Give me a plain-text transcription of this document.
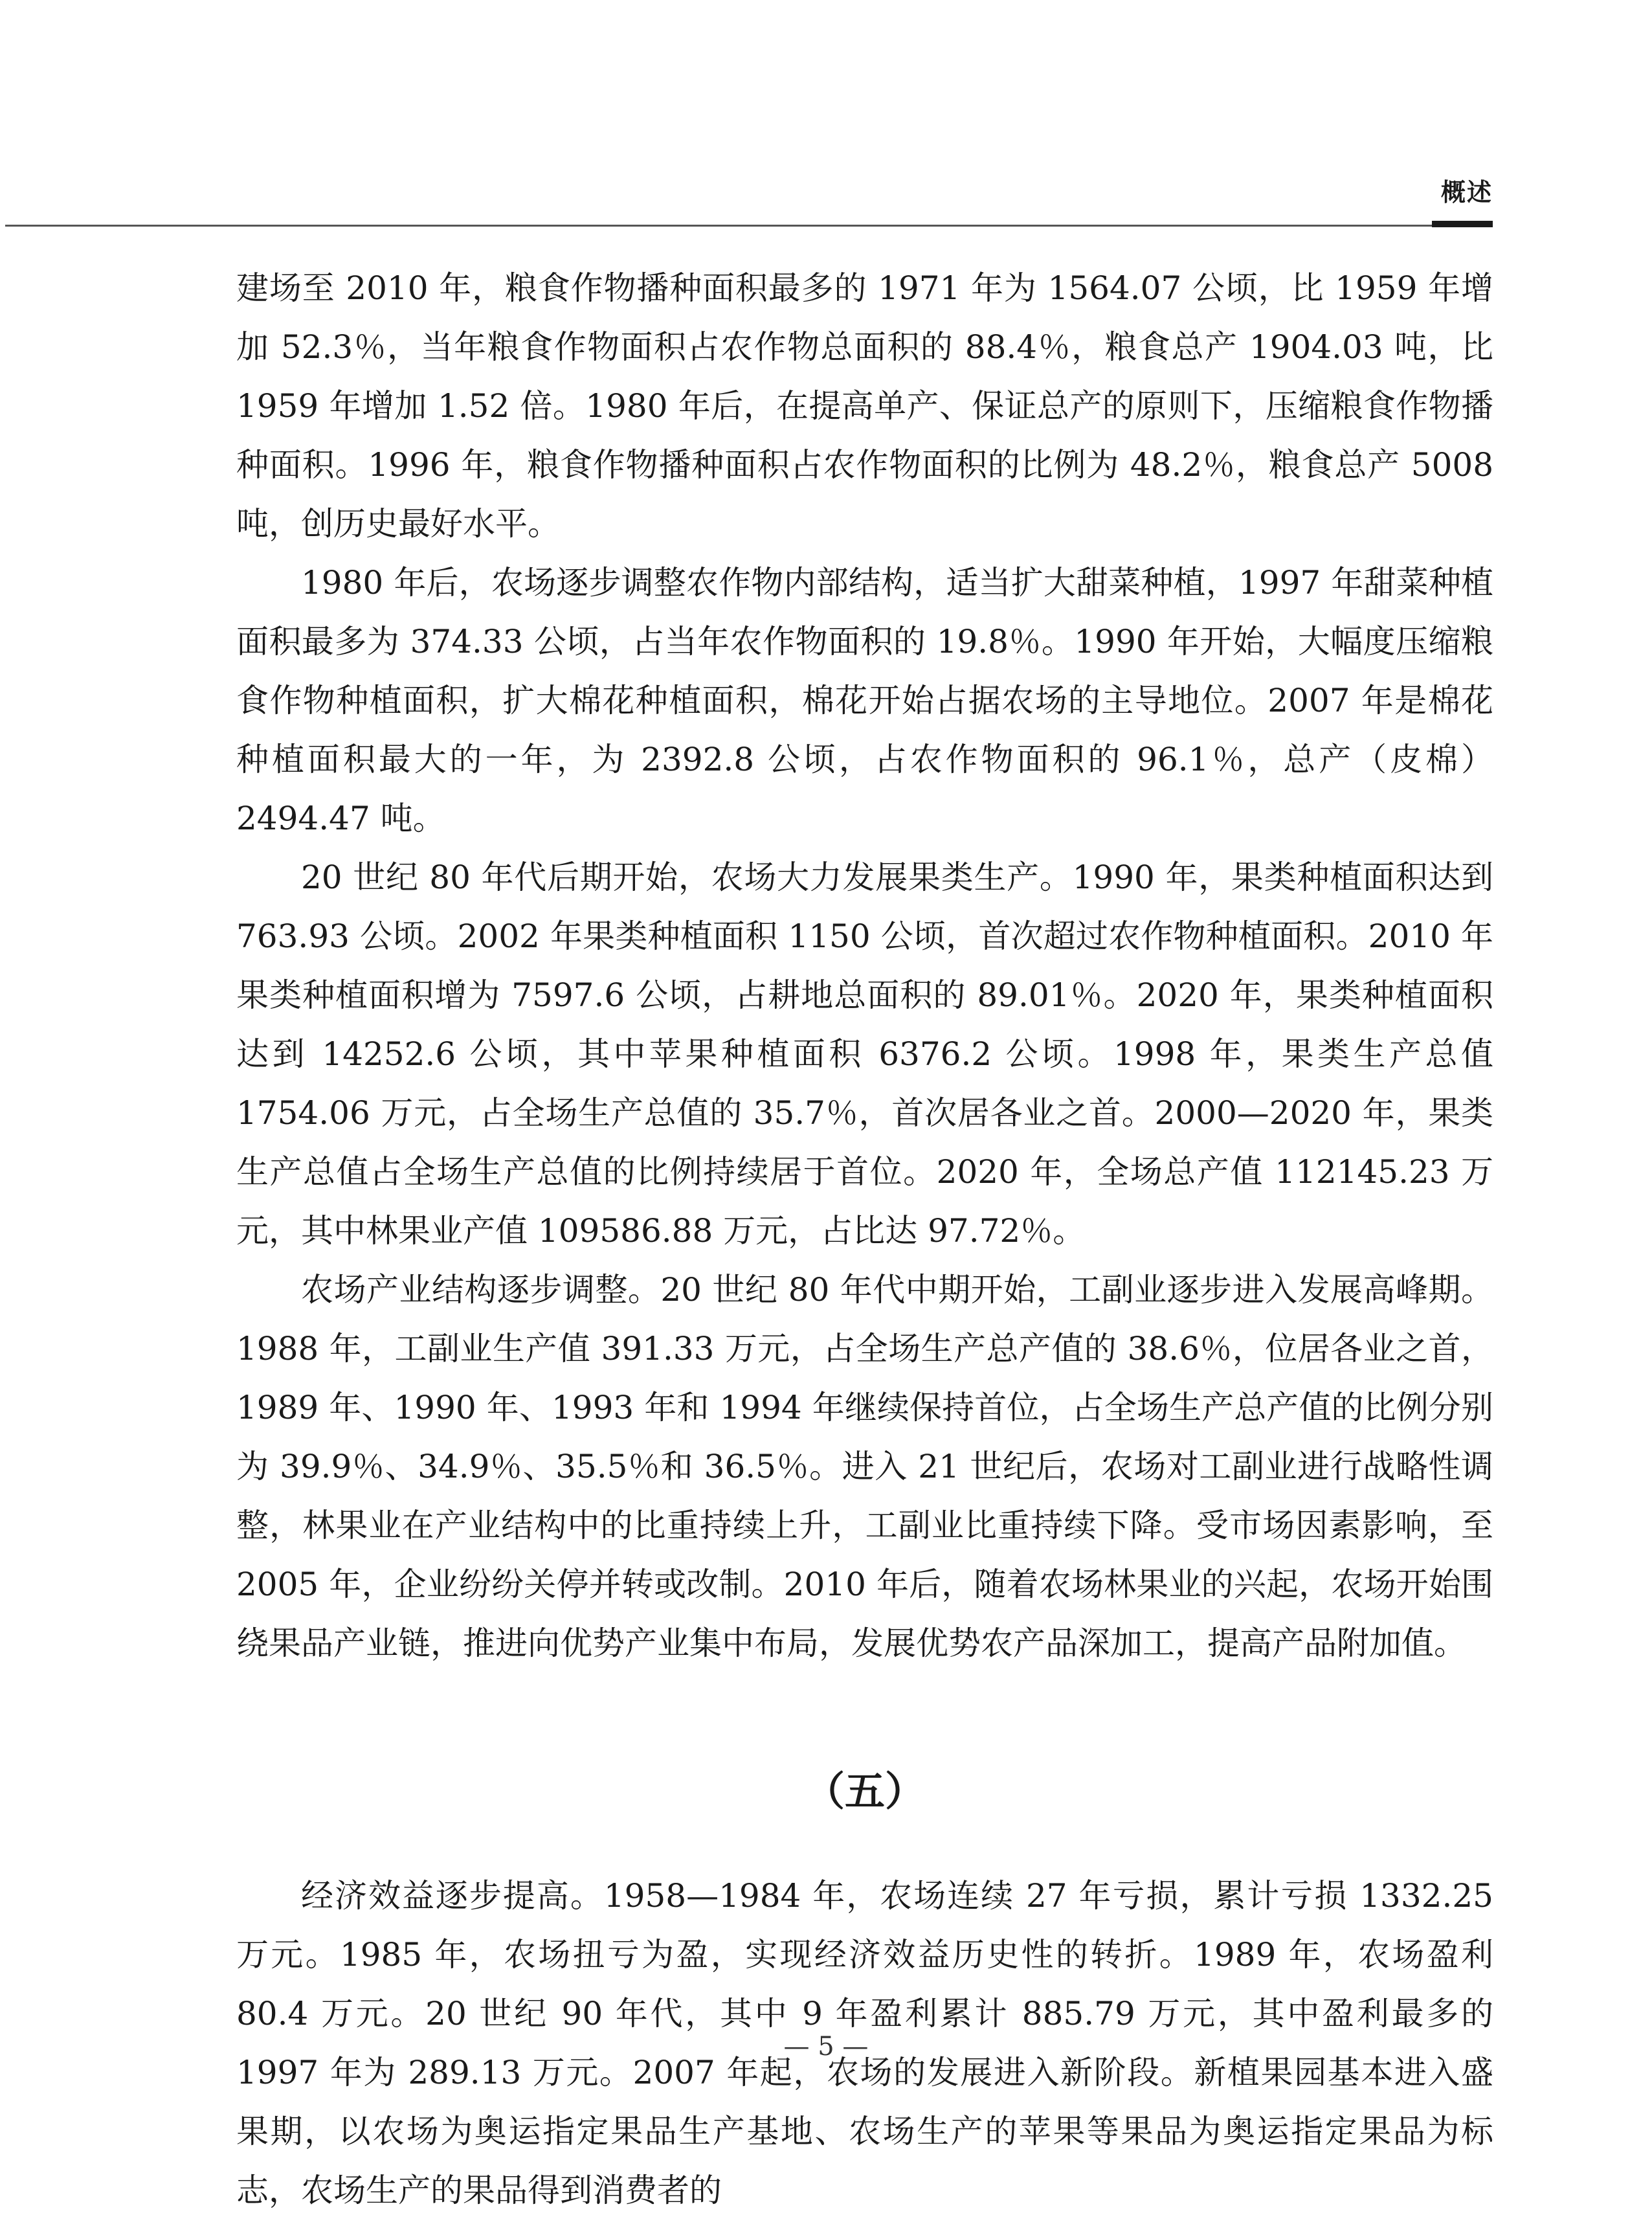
概述

建场至 2010 年，粮食作物播种面积最多的 1971 年为 1564.07 公顷，比 1959 年增加 52.3％，当年粮食作物面积占农作物总面积的 88.4％，粮食总产 1904.03 吨，比 1959 年增加 1.52 倍。1980 年后，在提高单产、保证总产的原则下，压缩粮食作物播种面积。1996 年，粮食作物播种面积占农作物面积的比例为 48.2％，粮食总产 5008 吨，创历史最好水平。

1980 年后，农场逐步调整农作物内部结构，适当扩大甜菜种植，1997 年甜菜种植面积最多为 374.33 公顷，占当年农作物面积的 19.8％。1990 年开始，大幅度压缩粮食作物种植面积，扩大棉花种植面积，棉花开始占据农场的主导地位。2007 年是棉花种植面积最大的一年，为 2392.8 公顷，占农作物面积的 96.1％，总产（皮棉）2494.47 吨。

20 世纪 80 年代后期开始，农场大力发展果类生产。1990 年，果类种植面积达到 763.93 公顷。2002 年果类种植面积 1150 公顷，首次超过农作物种植面积。2010 年果类种植面积增为 7597.6 公顷，占耕地总面积的 89.01％。2020 年，果类种植面积达到 14252.6 公顷，其中苹果种植面积 6376.2 公顷。1998 年，果类生产总值 1754.06 万元，占全场生产总值的 35.7％，首次居各业之首。2000—2020 年，果类生产总值占全场生产总值的比例持续居于首位。2020 年，全场总产值 112145.23 万元，其中林果业产值 109586.88 万元，占比达 97.72％。

农场产业结构逐步调整。20 世纪 80 年代中期开始，工副业逐步进入发展高峰期。1988 年，工副业生产值 391.33 万元，占全场生产总产值的 38.6％，位居各业之首，1989 年、1990 年、1993 年和 1994 年继续保持首位，占全场生产总产值的比例分别为 39.9％、34.9％、35.5％和 36.5％。进入 21 世纪后，农场对工副业进行战略性调整，林果业在产业结构中的比重持续上升，工副业比重持续下降。受市场因素影响，至 2005 年，企业纷纷关停并转或改制。2010 年后，随着农场林果业的兴起，农场开始围绕果品产业链，推进向优势产业集中布局，发展优势农产品深加工，提高产品附加值。

（五）

经济效益逐步提高。1958—1984 年，农场连续 27 年亏损，累计亏损 1332.25 万元。1985 年，农场扭亏为盈，实现经济效益历史性的转折。1989 年，农场盈利 80.4 万元。20 世纪 90 年代，其中 9 年盈利累计 885.79 万元，其中盈利最多的 1997 年为 289.13 万元。2007 年起，农场的发展进入新阶段。新植果园基本进入盛果期，以农场为奥运指定果品生产基地、农场生产的苹果等果品为奥运指定果品为标志，农场生产的果品得到消费者的

— 5 —
